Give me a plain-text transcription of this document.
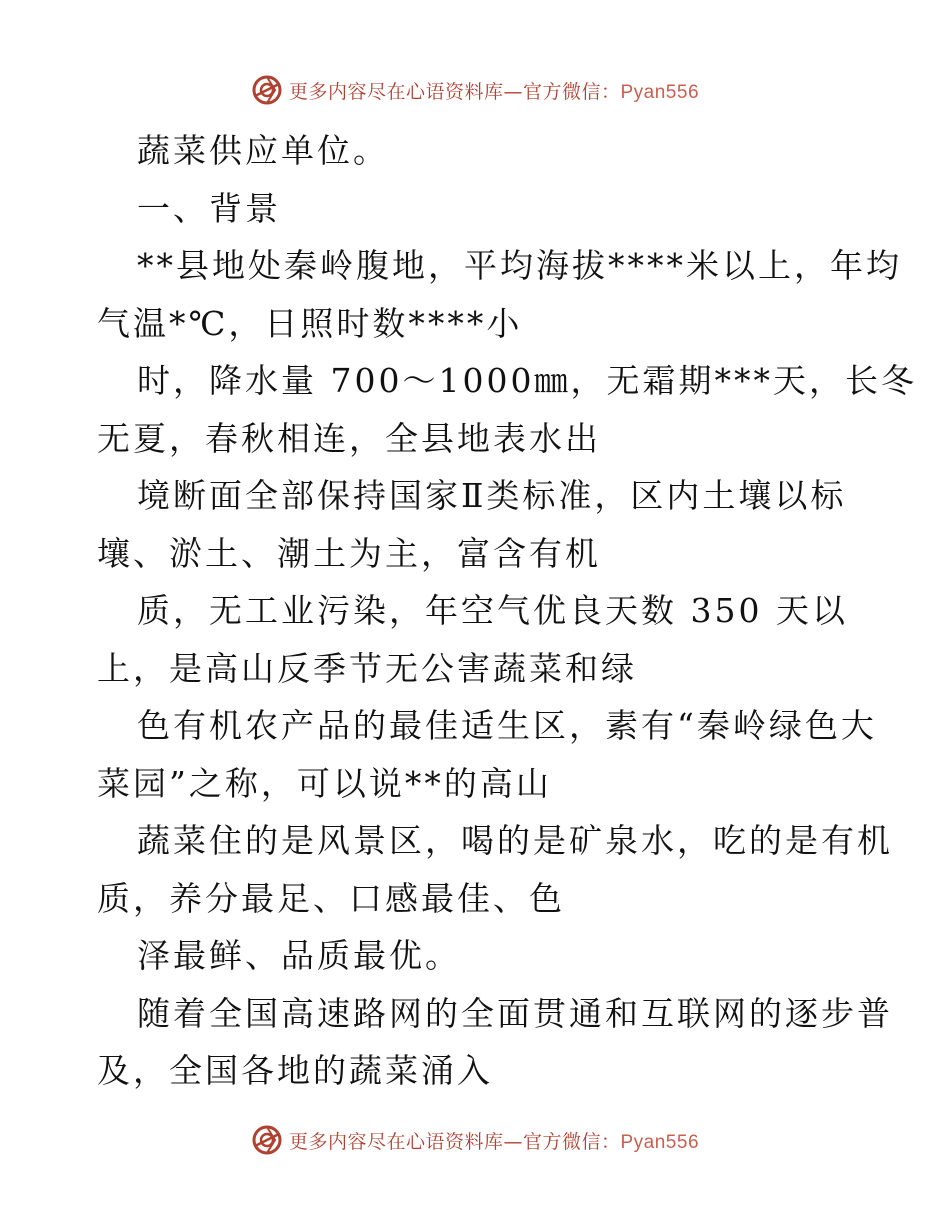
更多内容尽在心语资料库—官方微信：Pyan556
蔬菜供应单位。
一、背景
**县地处秦岭腹地，平均海拔****米以上，年均
气温*℃，日照时数****小
时，降水量 700～1000㎜，无霜期***天，长冬
无夏，春秋相连，全县地表水出
境断面全部保持国家Ⅱ类标准，区内土壤以标
壤、淤土、潮土为主，富含有机
质，无工业污染，年空气优良天数 350 天以
上，是高山反季节无公害蔬菜和绿
色有机农产品的最佳适生区，素有“秦岭绿色大
菜园”之称，可以说**的高山
蔬菜住的是风景区，喝的是矿泉水，吃的是有机
质，养分最足、口感最佳、色
泽最鲜、品质最优。
随着全国高速路网的全面贯通和互联网的逐步普
及，全国各地的蔬菜涌入
更多内容尽在心语资料库—官方微信：Pyan556
